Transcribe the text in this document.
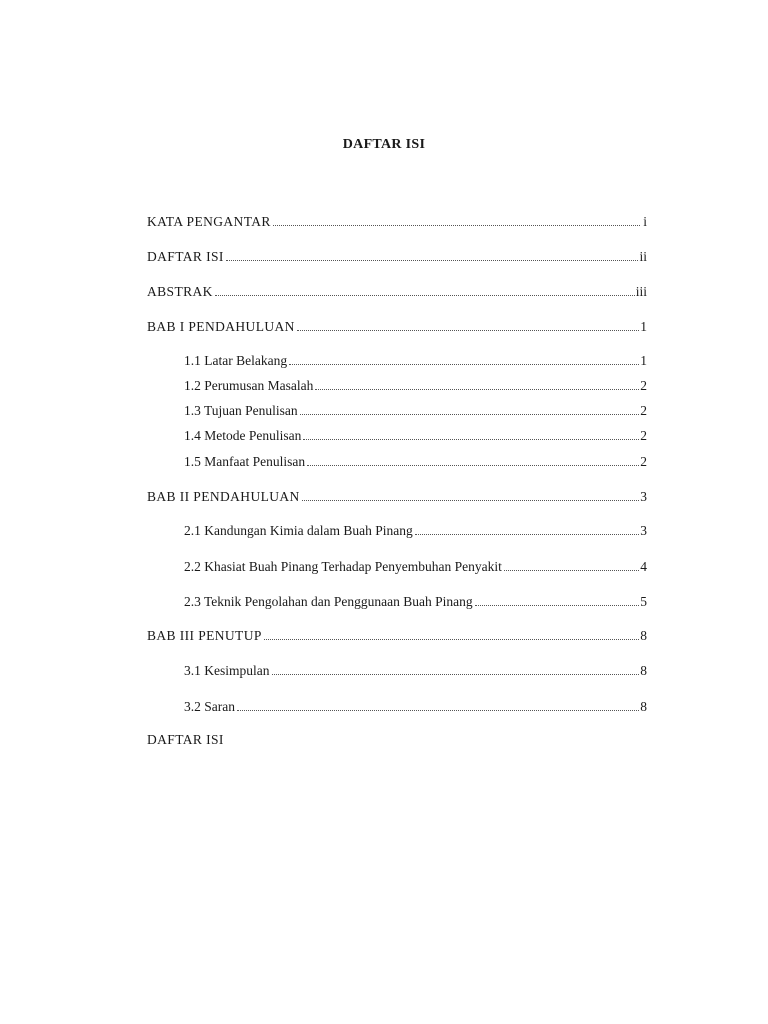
DAFTAR ISI
KATA PENGANTAR	i
DAFTAR ISI	ii
ABSTRAK	iii
BAB I PENDAHULUAN	1
1.1 Latar Belakang	1
1.2 Perumusan Masalah	2
1.3 Tujuan Penulisan	2
1.4 Metode Penulisan	2
1.5 Manfaat Penulisan	2
BAB II PENDAHULUAN	3
2.1 Kandungan Kimia dalam Buah Pinang	3
2.2 Khasiat Buah Pinang Terhadap Penyembuhan Penyakit	4
2.3 Teknik Pengolahan dan Penggunaan Buah Pinang	5
BAB III PENUTUP	8
3.1 Kesimpulan	8
3.2 Saran	8
DAFTAR ISI
